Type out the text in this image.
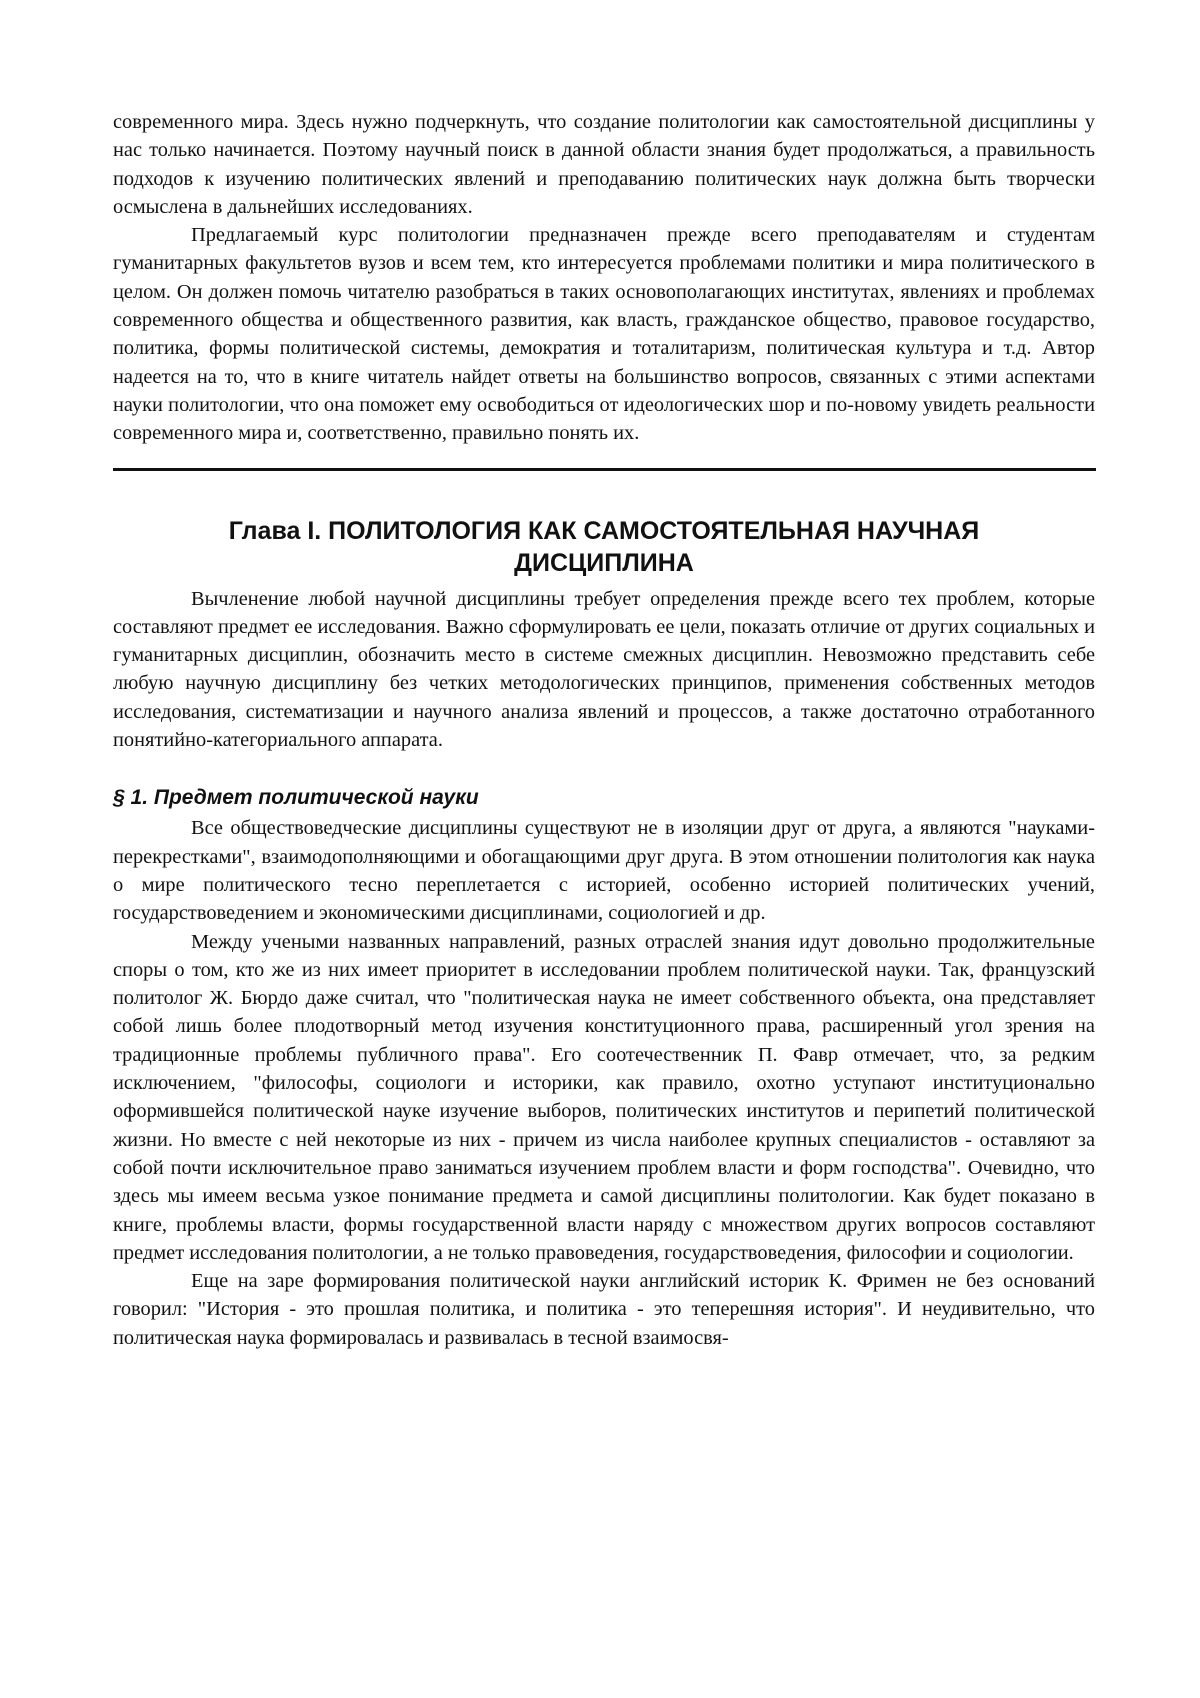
современного мира. Здесь нужно подчеркнуть, что создание политологии как самостоятельной дисциплины у нас только начинается. Поэтому научный поиск в данной области знания будет продолжаться, а правильность подходов к изучению политических явлений и преподаванию политических наук должна быть творчески осмыслена в дальнейших исследованиях.

Предлагаемый курс политологии предназначен прежде всего преподавателям и студентам гуманитарных факультетов вузов и всем тем, кто интересуется проблемами политики и мира политического в целом. Он должен помочь читателю разобраться в таких основополагающих институтах, явлениях и проблемах современного общества и общественного развития, как власть, гражданское общество, правовое государство, политика, формы политической системы, демократия и тоталитаризм, политическая культура и т.д. Автор надеется на то, что в книге читатель найдет ответы на большинство вопросов, связанных с этими аспектами науки политологии, что она поможет ему освободиться от идеологических шор и по-новому увидеть реальности современного мира и, соответственно, правильно понять их.

Глава I. ПОЛИТОЛОГИЯ КАК САМОСТОЯТЕЛЬНАЯ НАУЧНАЯ ДИСЦИПЛИНА

Вычленение любой научной дисциплины требует определения прежде всего тех проблем, которые составляют предмет ее исследования. Важно сформулировать ее цели, показать отличие от других социальных и гуманитарных дисциплин, обозначить место в системе смежных дисциплин. Невозможно представить себе любую научную дисциплину без четких методологических принципов, применения собственных методов исследования, систематизации и научного анализа явлений и процессов, а также достаточно отработанного понятийно-категориального аппарата.

§ 1. Предмет политической науки

Все обществоведческие дисциплины существуют не в изоляции друг от друга, а являются "науками-перекрестками", взаимодополняющими и обогащающими друг друга. В этом отношении политология как наука о мире политического тесно переплетается с историей, особенно историей политических учений, государствоведением и экономическими дисциплинами, социологией и др.

Между учеными названных направлений, разных отраслей знания идут довольно продолжительные споры о том, кто же из них имеет приоритет в исследовании проблем политической науки. Так, французский политолог Ж. Бюрдо даже считал, что "политическая наука не имеет собственного объекта, она представляет собой лишь более плодотворный метод изучения конституционного права, расширенный угол зрения на традиционные проблемы публичного права". Его соотечественник П. Фавр отмечает, что, за редким исключением, "философы, социологи и историки, как правило, охотно уступают институционально оформившейся политической науке изучение выборов, политических институтов и перипетий политической жизни. Но вместе с ней некоторые из них - причем из числа наиболее крупных специалистов - оставляют за собой почти исключительное право заниматься изучением проблем власти и форм господства". Очевидно, что здесь мы имеем весьма узкое понимание предмета и самой дисциплины политологии. Как будет показано в книге, проблемы власти, формы государственной власти наряду с множеством других вопросов составляют предмет исследования политологии, а не только правоведения, государствоведения, философии и социологии.

Еще на заре формирования политической науки английский историк К. Фримен не без оснований говорил: "История - это прошлая политика, и политика - это теперешняя история". И неудивительно, что политическая наука формировалась и развивалась в тесной взаимосвя-
